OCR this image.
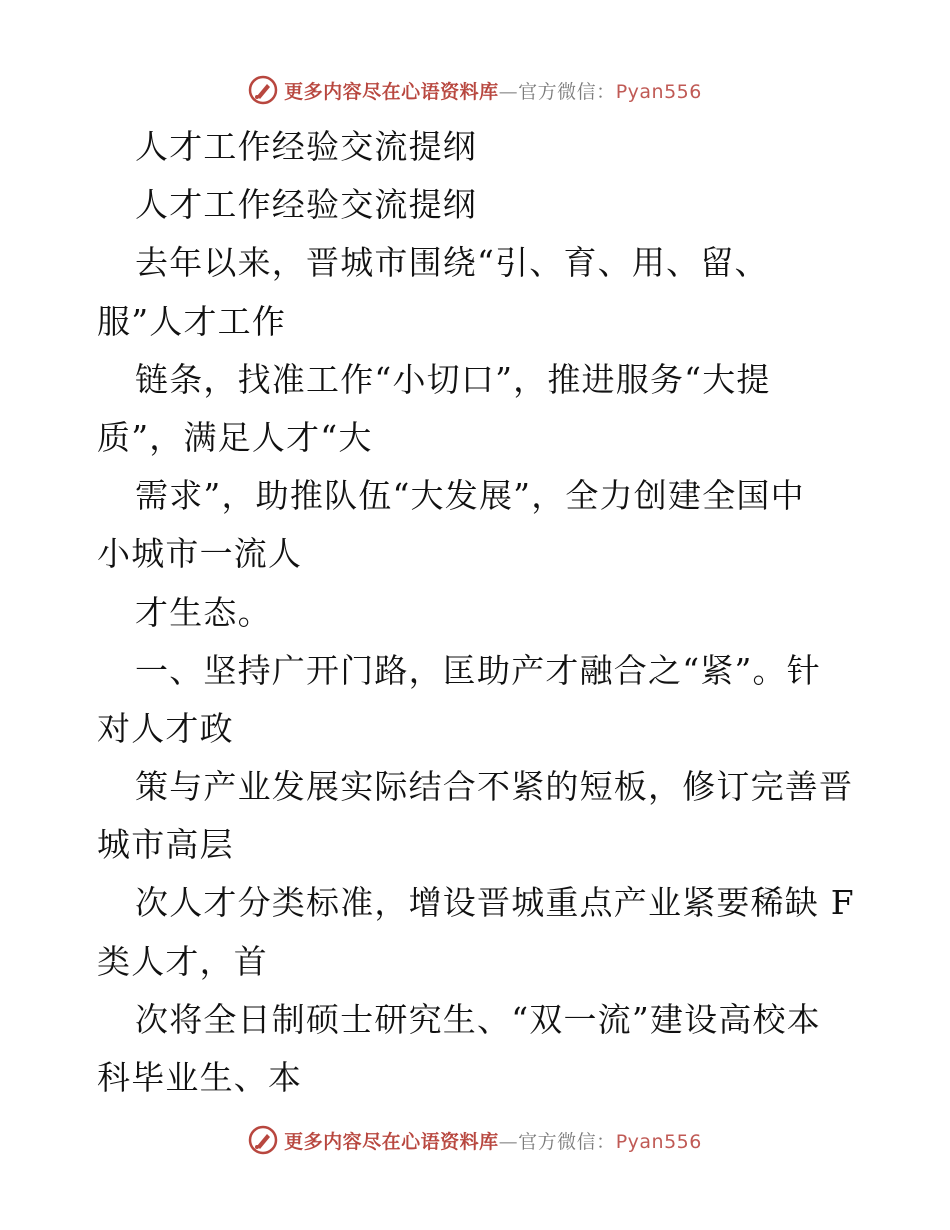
更多内容尽在心语资料库—官方微信：Pyan556
人才工作经验交流提纲
人才工作经验交流提纲
去年以来，晋城市围绕“引、育、用、留、
服”人才工作
链条，找准工作“小切口”，推进服务“大提
质”，满足人才“大
需求”，助推队伍“大发展”，全力创建全国中
小城市一流人
才生态。
一、坚持广开门路，匡助产才融合之“紧”。针
对人才政
策与产业发展实际结合不紧的短板，修订完善晋
城市高层
次人才分类标准，增设晋城重点产业紧要稀缺 F
类人才，首
次将全日制硕士研究生、“双一流”建设高校本
科毕业生、本
更多内容尽在心语资料库—官方微信：Pyan556
